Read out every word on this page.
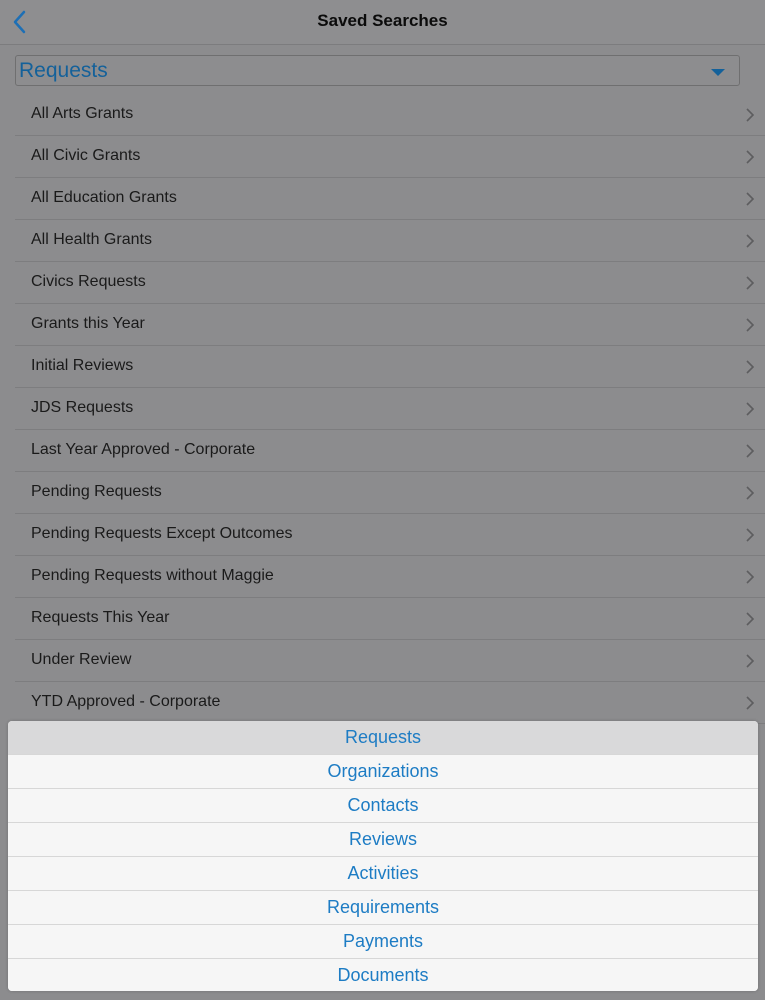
Saved Searches
Requests
All Arts Grants
All Civic Grants
All Education Grants
All Health Grants
Civics Requests
Grants this Year
Initial Reviews
JDS Requests
Last Year Approved - Corporate
Pending Requests
Pending Requests Except Outcomes
Pending Requests without Maggie
Requests This Year
Under Review
YTD Approved - Corporate
Requests
Organizations
Contacts
Reviews
Activities
Requirements
Payments
Documents
